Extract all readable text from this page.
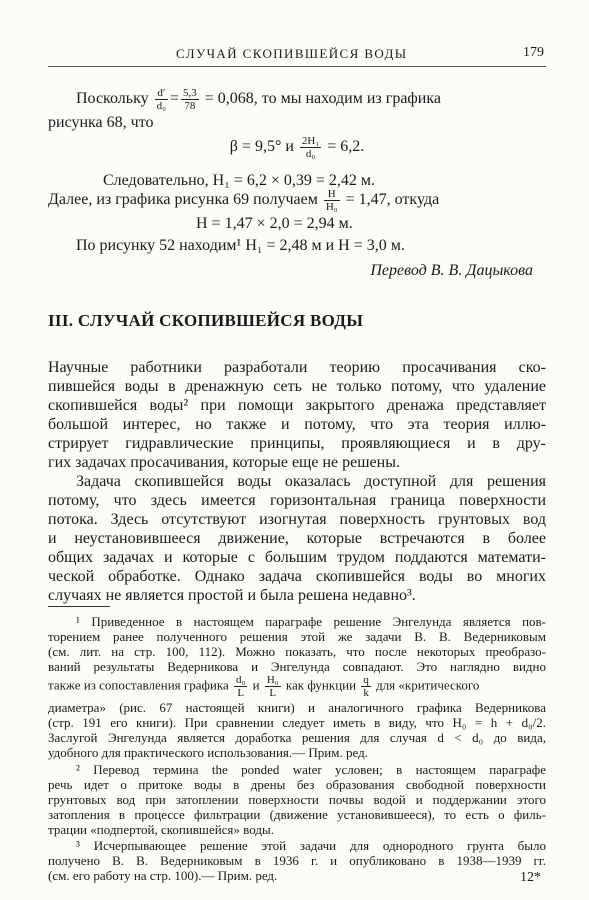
СЛУЧАЙ СКОПИВШЕЙСЯ ВОДЫ	179
Поскольку $\frac{d'}{\text{d₀}} = \frac{5,3}{78} = 0,068$, то мы находим из графика
рисунка 68, что
β = 9,5° и $\frac{\text{2H₁}}{\text{d₀}} = 6,2$.
Следовательно, H₁ = 6,2 × 0,39 = 2,42 м.
Далее, из графика рисунка 69 получаем $\frac{H}{\text{H₀}} = 1,47$, откуда
H = 1,47 × 2,0 = 2,94 м.
По рисунку 52 находим¹ H₁ = 2,48 м и H = 3,0 м.
Перевод В. В. Дацыкова
III. СЛУЧАЙ СКОПИВШЕЙСЯ ВОДЫ
Научные работники разработали теорию просачивания ско-
пившейся воды в дренажную сеть не только потому, что удаление
скопившейся воды² при помощи закрытого дренажа представляет
большой интерес, но также и потому, что эта теория иллю-
стрирует гидравлические принципы, проявляющиеся и в дру-
гих задачах просачивания, которые еще не решены.
Задача скопившейся воды оказалась доступной для решения
потому, что здесь имеется горизонтальная граница поверхности
потока. Здесь отсутствуют изогнутая поверхность грунтовых вод
и неустановившееся движение, которые встречаются в более
общих задачах и которые с большим трудом поддаются математи-
ческой обработке. Однако задача скопившейся воды во многих
случаях не является простой и была решена недавно³.
¹ Приведенное в настоящем параграфе решение Энгелунда является пов-
торением ранее полученного решения этой же задачи В. В. Ведерниковым
(см. лит. на стр. 100, 112). Можно показать, что после некоторых преобразо-
ваний результаты Ведерникова и Энгелунда совпадают. Это наглядно видно
также из сопоставления графика $\frac{\text{d₀}}{L}$ и $\frac{\text{H₀}}{L}$ как функции $\frac{q}{k}$ для «критического
диаметра» (рис. 67 настоящей книги) и аналогичного графика Ведерникова
(стр. 191 его книги). При сравнении следует иметь в виду, что H₀ = h + d₀/2.
Заслугой Энгелунда является доработка решения для случая d < d₀ до вида,
удобного для практического использования.— Прим. ред.
² Перевод термина the ponded water условен; в настоящем параграфе
речь идет о притоке воды в дрены без образования свободной поверхности
грунтовых вод при затоплении поверхности почвы водой и поддержании этого
затопления в процессе фильтрации (движение установившееся), то есть о филь-
трации «подпертой, скопившейся» воды.
³ Исчерпывающее решение этой задачи для однородного грунта было
получено В. В. Ведерниковым в 1936 г. и опубликовано в 1938—1939 гг.
(см. его работу на стр. 100).— Прим. ред.	12*
